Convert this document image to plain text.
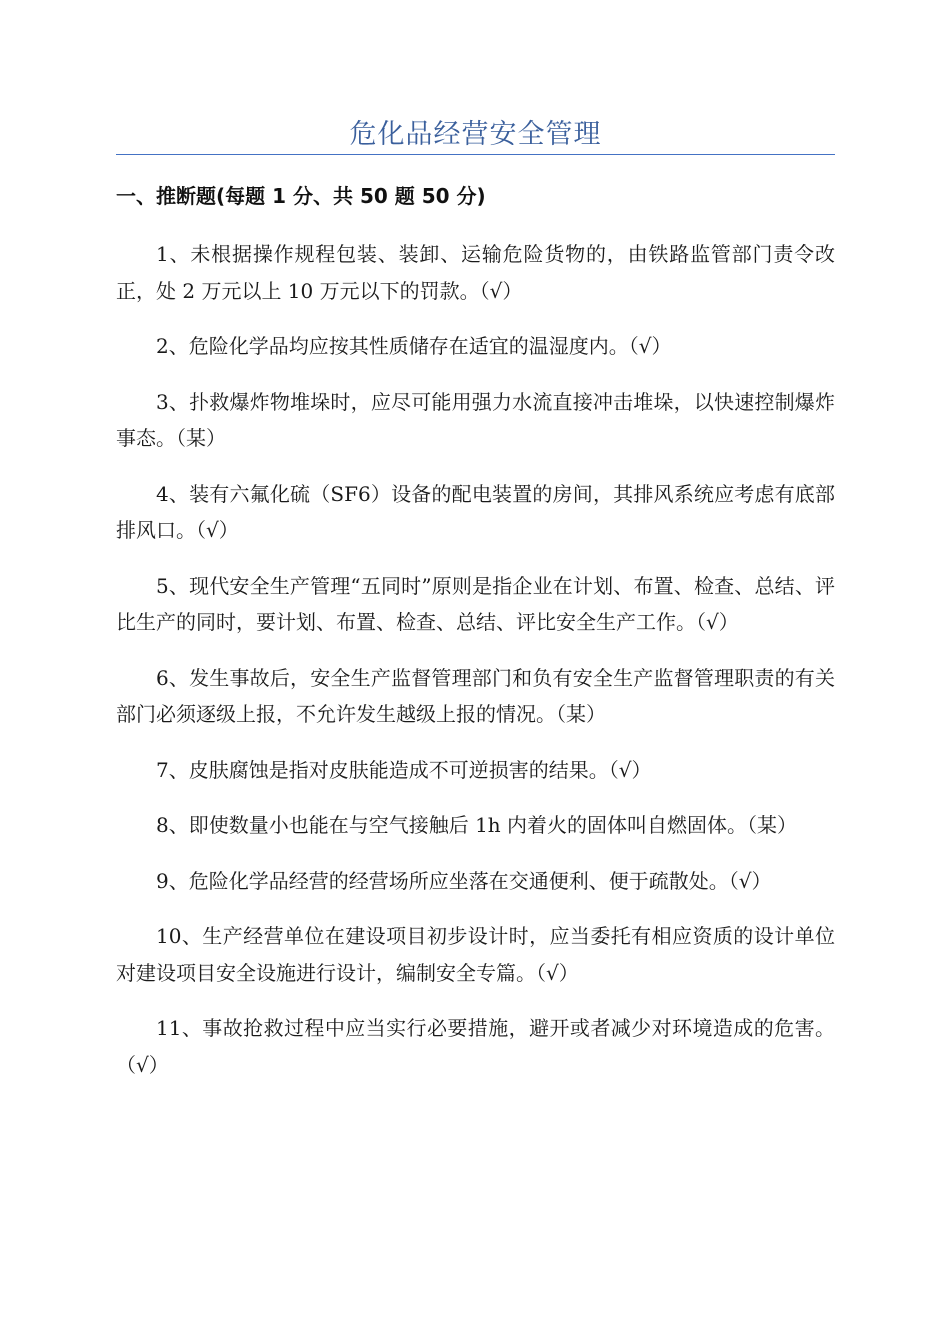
危化品经营安全管理
一、推断题(每题 1 分、共 50 题 50 分)
1、未根据操作规程包装、装卸、运输危险货物的，由铁路监管部门责令改正，处 2 万元以上 10 万元以下的罚款。（√）
2、危险化学品均应按其性质储存在适宜的温湿度内。（√）
3、扑救爆炸物堆垛时，应尽可能用强力水流直接冲击堆垛，以快速控制爆炸事态。（某）
4、装有六氟化硫（SF6）设备的配电装置的房间，其排风系统应考虑有底部排风口。（√）
5、现代安全生产管理“五同时”原则是指企业在计划、布置、检查、总结、评比生产的同时，要计划、布置、检查、总结、评比安全生产工作。（√）
6、发生事故后，安全生产监督管理部门和负有安全生产监督管理职责的有关部门必须逐级上报，不允许发生越级上报的情况。（某）
7、皮肤腐蚀是指对皮肤能造成不可逆损害的结果。（√）
8、即使数量小也能在与空气接触后 1h 内着火的固体叫自燃固体。（某）
9、危险化学品经营的经营场所应坐落在交通便利、便于疏散处。（√）
10、生产经营单位在建设项目初步设计时，应当委托有相应资质的设计单位对建设项目安全设施进行设计，编制安全专篇。（√）
11、事故抢救过程中应当实行必要措施，避开或者减少对环境造成的危害。（√）
